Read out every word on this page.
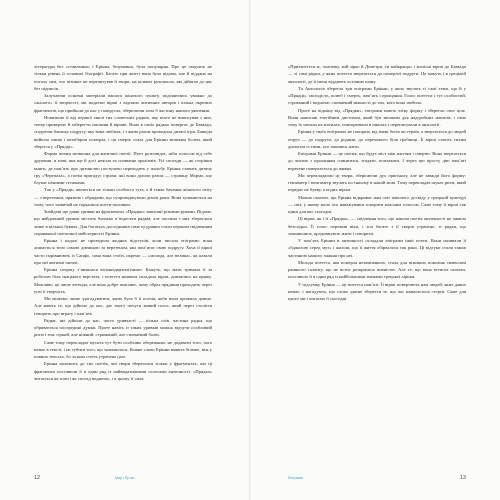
літератури без «ставлення» і Ерінна, безумовно, була популярна. Про це свідчить не тільки рівень її головної біографії. Багато при житті вона була відома, але й віддана на поталу тим, хто пізніше не перечитував її твори, на кількох рукописах, які дійшли до нас без підписів.

Залучаючи основні матеріали вашого жіночого пункту, поділяючись уважно до «жалого» її творчості, ми подаємо вірші з відомих античних авторів і кілька окремих фрагментів, що прийшли до нас у папірусах, зберігаючи хоча б частину нашого уявлення.

Новизною її від першої хвилі тих словесних рядків, яку ніхто не виписував з них, тепер привертає й заберегти писання й віршів. Вона в своїх рядках повертає до Бавкіди, згадуючи близьку подругу, яку вона любила, і з якою разом проводила дитячі ігри. Бавкіда вийшла заміж і незабаром померла, і ця смерть стала для Ерінни великим болем, який зберігся у «Прядці».

Форма поеми незвична для античної поезії. Поет розповідає, ніби голосом від себе дружини, в мові, яка ще й досі неясна та сповнена архаїзмів. Усі спогади — як сторінки книги, де пам’ять про дитинство поступово переходить у жалобу. Ерінна ставить дитячу гру «Черепаха», а потім пригадує страхи, які вони ділили разом — страшну Мормо, що блукає нічними стежками.

Так у «Прядці» являється не тільки особиста туга, а й тонке бачення жіночого світу — з веретеном, пряжею і обрядами, що супроводжували дівочі роки. Вона зупиняється на тому, чого зазвичай не торкалися поети-чоловіки.

Знайдені ще давні уривки на фрагментах «Прядки» записані різними руками. Відоме, що найдовший уривок містить близько п’ятдесяти рядків, але частина з них збереглася лише в кількох буквах. Для багатьох дослідників саме ці уривки стали першим свідченням справжньої поетичної майстерності Ерінни.

Ерінна і надалі не проводила жодних відступів, коли писала епіграми: вона лишається тією самою дівчиною за веретеном, яка пам’ятає свою подругу. Хоча її вірші часто порівнюють із Сапфо, сама вона стоїть окремо — «молода, але велика», як казали про неї античні читачі.

Ерінна спершу з’являлася вісімнадцятилітньою. Кажуть, що мати тримала її за роботою біля ткацького верстата, і поетеса нишком складала вірші, дивлячись на пряжу. Можливо, це лише легенда, але вона добре пояснює, чому образ прядіння проходить через усю її творчість.

Ми можемо лише здогадуватися, якою була б її поезія, якби вона прожила довше. Але навіть те, що дійшло до нас, дає змогу почути живий голос, який через століття говорить про втрату і пам’ять.

Рядки, які дійшли до нас, часто уривчасті — кілька слів, частина рядка, що обривається посередині думки. Проте навіть із таких уривків можна відчути особливий ритм і тон: гіркий, але ніжний; стриманий, але сповнений болю.

Саме тому перекладач мусить тут бути особливо обережним: не додавати того, чого немає в тексті, і не губити того, що залишилося. Кожне слово Ерінни важить більше, ніж у повних текстах, бо за ним стоїть утрачене ціле.

Ерінна належить до тих поетів, чиї твори збереглися тільки у фрагментах, але ці фрагменти поставили її в один ряд із найвидатнішими голосами античності. «Прядка» читається як плач і як спогад водночас, і в цьому її сила.

12	Мир і Пр-во

«Прихилітеся ж, чоловіку, мій зірко й Деметри, ти найкраща» і жалісні вірші до Бавкіди — ті самі рядки, у яких поетеса звертається до померлої подруги. Це кажуть і в грецькій антології, де її імені віддають останню шану.

Та Антологія зберегла три епіграми Ерінни, у яких звучать ті самі теми, що й у «Прядці»: молодість, шлюб і смерть, пам’ять і прощання. Голос поетеси і тут особистий, стриманий і водночас сповнений ніжності до тих, кого вона любила.

Проте на відміну від «Прядки», епіграми мають чітку форму і зберегли своє ціле. Вони написані елегійним дистихом, який був звичним для надгробних написів, і саме тому їх читали на могилах, повторювали в школах і переписували в антології.

Ерінна у своїх епіграмах не говорить від імені богів чи героїв, а звертається до людей поруч — до подруги, до родини, до перехожого біля гробниці. Її вірші стають тихим діалогом із тими, хто лишився жити.

Епіграми Ерінни — це поезія, що будує міст між життям і смертю. Вона звертається до читача з проханням спинитися, згадати, поплакати. І через цю просту дію пам’яті втрачене повертається до живих.

Ми перекладаємо ці твори, зберігаючи дух оригіналу, але не завжди його форму: гекзаметр і пентаметр звучать по-іншому в нашій мові. Тому перекладач шукає ритм, який передає не букву, а подих вірша.

Можна сказати, що Ерінна відкриває нам світ жіночого досвіду у грецькій культурі — світ, у якому мало хто наважувався говорити власним голосом. Саме тому її вірші так цінні для нас сьогодні.

Ці вірші, як і її «Прядка», — свідчення того, що жіноча поезія античності не зникла безслідно. Її голос пережив віки, і хоч багато з її творів утрачено, ті рядки, що залишилися, продовжують жити і говорити.

У пам’ять Ерінни в античності складали епіграми інші поети. Вони називали її «бджолою серед муз» і жаліли, що її життя обірвалося так рано. Ці відгуки стали також частиною нашого знання про неї.

Молода поетеса, яка померла незаміжньою, стала для пізніших поколінь символом раннього таланту, що не встиг розкритися повністю. Але те, що вона встигла сказати, поставило її в один ряд із найбільшими іменами грецької лірики.

У підсумку Ерінна — це поетеса пам’яті. Її вірші повертають нам людей, яких давно немає, і нагадують, що слово здатне зберегти те, що час намагається стерти. Саме для цього ми і читаємо її сьогодні.

Епіграми	13
